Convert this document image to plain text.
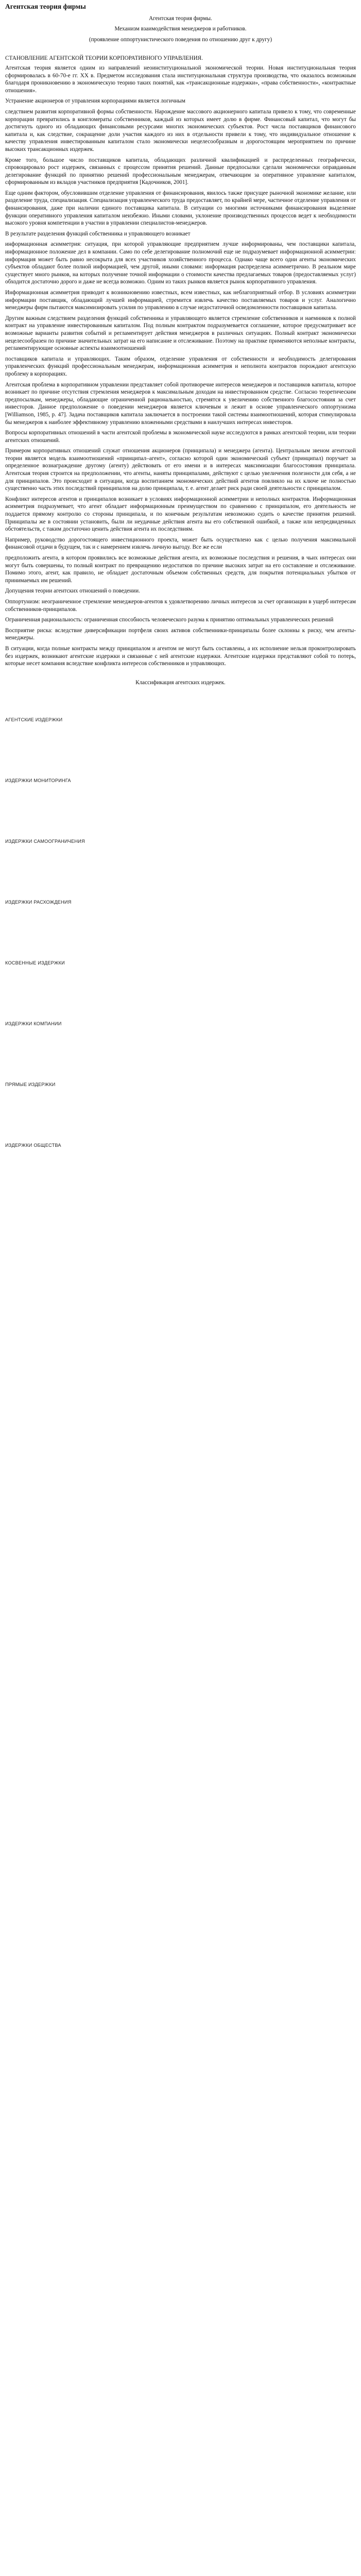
Агентская теория фирмы

Агентская теория фирмы.

Механизм взаимодействия менеджеров и работников.

(проявление оппортунистического поведения по отношению друг к другу)

СТАНОВЛЕНИЕ АГЕНТСКОЙ ТЕОРИИ КОРПОРАТИВНОГО УПРАВЛЕНИЯ.

Агентская теория является одним из направлений неоинституциональной экономической теории. Новая институциональная теория сформировалась в 60-70-е гг. XX в. Предметом исследования стала институциональная структура производства, что оказалось возможным благодаря проникновению в экономическую теорию таких понятий, как «трансакционные издержки», «права собственности», «контрактные отношения».

Устранение акционеров от управления корпорациями является логичным

следствием развития корпоративной формы собственности. Нарождение массового акционерного капитала привело к тому, что современные корпорации превратились в конгломераты собственников, каждый из которых имеет долю в фирме. Финансовый капитал, что могут бы достигнуть одного из обладающих финансовыми ресурсами многих экономических субъектов. Рост числа поставщиков финансового капитала и, как следствие, сокращение доли участия каждого из них в отдельности привели к тому, что индивидуальное отношение к качеству управления инвестированным капиталом стало экономически нецелесообразным и дорогостоящим мероприятием по причине высоких трансакционных издержек.

Кроме того, большое число поставщиков капитала, обладающих различной квалификацией и распределенных географически, спровоцировало рост издержек, связанных с процессом принятия решений. Данные предпосылки сделали экономически оправданным делегирование функций по принятию решений профессиональным менеджерам, отвечающим за оперативное управление капиталом, сформированным из вкладов участников предприятия [Кадочников, 2001].

Еще одним фактором, обусловившим отделение управления от финансирования, явилось также присущее рыночной экономике желание, или разделение труда, специализация. Специализация управленческого труда предоставляет, по крайней мере, частичное отделение управления от финансирования, даже при наличии единого поставщика капитала. В ситуации со многими источниками финансирования выделение функции оперативного управления капиталом неизбежно. Иными словами, уклонение производственных процессов ведет к необходимости высокого уровня компетенции в участии в управлении специалистов-менеджеров.

В результате разделения функций собственника и управляющего возникает

информационная асимметрия: ситуация, при которой управляющие предприятием лучше информированы, чем поставщики капитала, информационное положение дел в компании. Само по себе делегирование полномочий еще не подразумевает информационной асимметрии: информация может быть равно несокрыта для всех участников хозяйственного процесса. Однако чаще всего одни агенты экономических субъектов обладают более полной информацией, чем другой, иными словами: информация распределена асимметрично. В реальном мире существует много рынков, на которых получение точной информации о стоимости качества предлагаемых товаров (предоставляемых услуг) обходится достаточно дорого и даже не всегда возможно. Одним из таких рынков является рынок корпоративного управления.

Информационная асимметрия приводит к возникновению известных, всем известных, как неблагоприятный отбор. В условиях асимметрии информации поставщик, обладающий лучшей информацией, стремится извлечь качество поставляемых товаров и услуг. Аналогично менеджеры фирм пытаются максимизировать усилия по управлению в случае недостаточной осведомленности поставщиков капитала.

Другим важным следствием разделения функций собственника и управляющего является стремление собственников и наемников к полной контракт на управление инвестированным капиталом. Под полным контрактом подразумевается соглашение, которое предусматривает все возможные варианты развития событий и регламентирует действия менеджеров в различных ситуациях. Полный контракт экономически нецелесообразен по причине значительных затрат на его написание и отслеживание. Поэтому на практике применяются неполные контракты, регламентирующие основные аспекты взаимоотношений

поставщиков капитала и управляющих. Таким образом, отделение управления от собственности и необходимость делегирования управленческих функций профессиональным менеджерам, информационная асимметрия и неполнота контрактов порождают агентскую проблему в корпорациях.

Агентская проблема в корпоративном управлении представляет собой противоречие интересов менеджеров и поставщиков капитала, которое возникает по причине отсутствия стремления менеджеров к максимальным доходам на инвестированном средстве. Согласно теоретическим предпосылкам, менеджеры, обладающие ограниченной рациональностью, стремятся к увеличению собственного благосостояния за счет инвесторов. Данное предположение о поведении менеджеров является ключевым и лежит в основе управленческого оппортунизма [Williamson, 1985, р. 47]. Задача поставщиков капитала заключается в построении такой системы взаимоотношений, которая стимулировала бы менеджеров к наиболее эффективному управлению вложенными средствами в наилучших интересах инвесторов.

Вопросы корпоративных отношений в части агентской проблемы в экономической науке исследуются в рамках агентской теории, или теории агентских отношений.

Примером корпоративных отношений служат отношения акционеров (принципала) и менеджера (агента). Центральным звеном агентской теории является модель взаимоотношений «принципал–агент», согласно которой один экономический субъект (принципал) поручает за определенное вознаграждение другому (агенту) действовать от его имени и в интересах максимизации благосостояния принципала. Агентская теория строится на предположении, что агенты, наняты принципалами, действуют с целью увеличения полезности для себя, а не для принципалов. Это происходит в ситуации, когда воспитанием экономических действий агентов повлияло на их ключе не полностью существенно часть этих последствий принципалов на долю принципала, т. е. агент делает риск ради своей деятельности с принципалом.

Конфликт интересов агентов и принципалов возникает в условиях информационной асимметрии и неполных контрактов. Информационная асимметрия подразумевает, что агент обладает информационным преимуществом по сравнению с принципалом, его деятельность не поддается прямому контролю со стороны принципала, и по конечным результатам невозможно судить о качестве принятия решений. Принципалы же в состоянии установить, были ли неудачные действия агента вы его собственной ошибкой, а также или непредвиденных обстоятельств, с таким достаточно ценить действия агента их последствиям.

Например, руководство дорогостоящего инвестиционного проекта, может быть осуществлено как с целью получения максимальной финансовой отдачи в будущем, так и с намерением извлечь личную выгоду. Все же если

предположить агента, в котором проявились все возможные действия агента, их возможные последствия и решения, в чьих интересах они могут быть совершены, то полный контракт по превращению недостатков по причине высоких затрат на его составление и отслеживание. Помимо этого, агент, как правило, не обладает достаточным объемом собственных средств, для покрытия потенциальных убытков от принимаемых им решений.

Допущения теории агентских отношений о поведении.

Оппортунизм: неограниченное стремление менеджеров-агентов к удовлетворению личных интересов за счет организации в ущерб интересам собственников-принципалов.

Ограниченная рациональность: ограниченная способность человеческого разума к принятию оптимальных управленческих решений

Восприятие риска: вследствие диверсификации портфеля своих активов собственники-принципалы более склонны к риску, чем агенты-менеджеры.

В ситуации, когда полные контракты между принципалом и агентом не могут быть составлены, а их исполнение нельзя проконтролировать без издержек, возникают агентские издержки и связанные с ней агентские издержки. Агентские издержки представляют собой то потерь, которые несет компания вследствие конфликта интересов собственников и управляющих.

Классификация агентских издержек.

АГЕНТСКИЕ ИЗДЕРЖКИ
ИЗДЕРЖКИ МОНИТОРИНГА
ИЗДЕРЖКИ САМООГРАНИЧЕНИЯ
ИЗДЕРЖКИ РАСХОЖДЕНИЯ
КОСВЕННЫЕ ИЗДЕРЖКИ
ИЗДЕРЖКИ КОМПАНИИ
ПРЯМЫЕ ИЗДЕРЖКИ
ИЗДЕРЖКИ ОБЩЕСТВА
